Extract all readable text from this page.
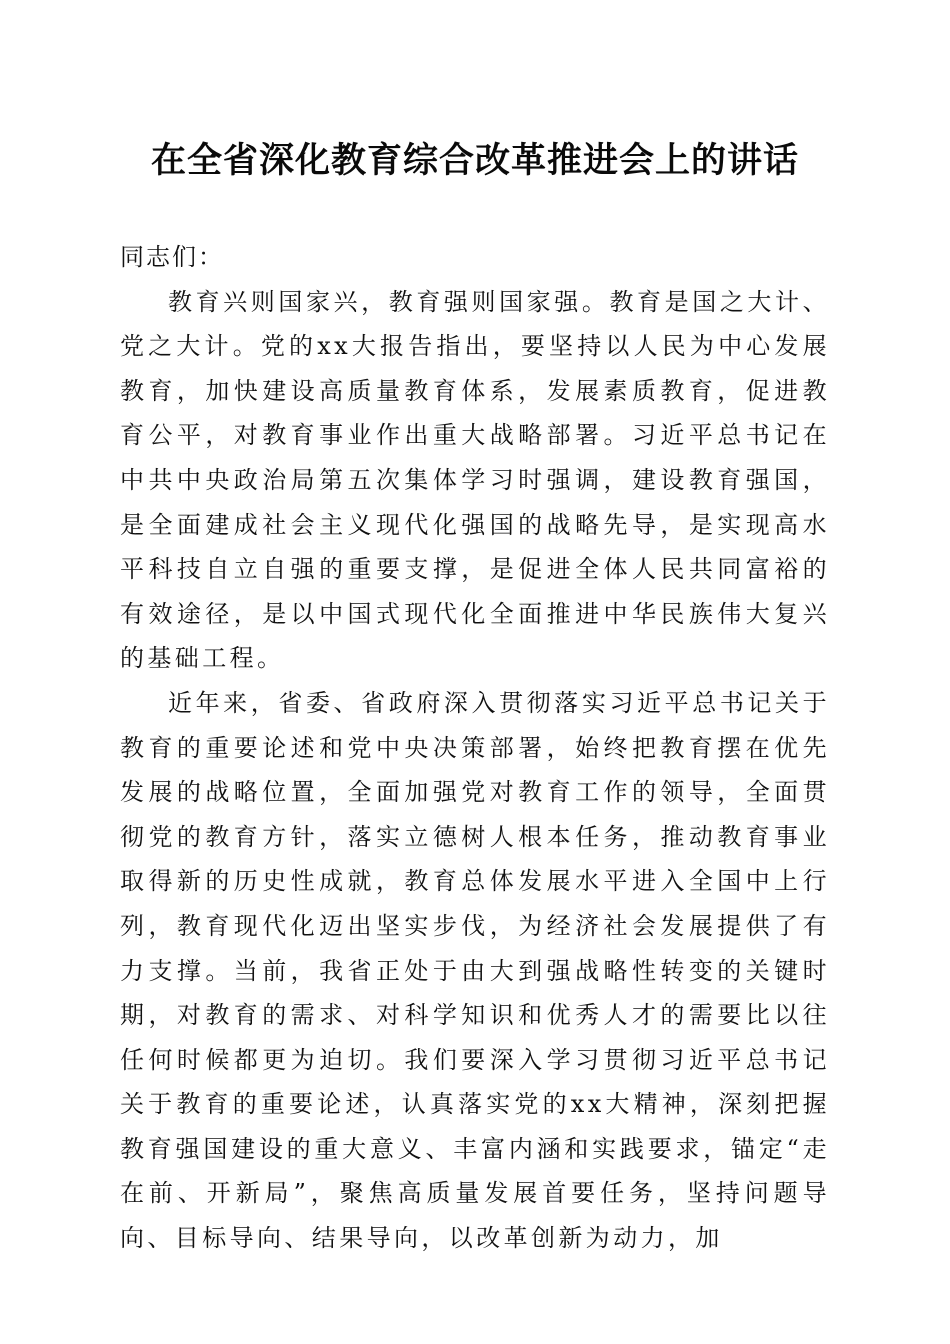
在全省深化教育综合改革推进会上的讲话

同志们：

教育兴则国家兴，教育强则国家强。教育是国之大计、党之大计。党的xx大报告指出，要坚持以人民为中心发展教育，加快建设高质量教育体系，发展素质教育，促进教育公平，对教育事业作出重大战略部署。习近平总书记在中共中央政治局第五次集体学习时强调，建设教育强国，是全面建成社会主义现代化强国的战略先导，是实现高水平科技自立自强的重要支撑，是促进全体人民共同富裕的有效途径，是以中国式现代化全面推进中华民族伟大复兴的基础工程。

近年来，省委、省政府深入贯彻落实习近平总书记关于教育的重要论述和党中央决策部署，始终把教育摆在优先发展的战略位置，全面加强党对教育工作的领导，全面贯彻党的教育方针，落实立德树人根本任务，推动教育事业取得新的历史性成就，教育总体发展水平进入全国中上行列，教育现代化迈出坚实步伐，为经济社会发展提供了有力支撑。当前，我省正处于由大到强战略性转变的关键时期，对教育的需求、对科学知识和优秀人才的需要比以往任何时候都更为迫切。我们要深入学习贯彻习近平总书记关于教育的重要论述，认真落实党的xx大精神，深刻把握教育强国建设的重大意义、丰富内涵和实践要求，锚定“走在前、开新局”，聚焦高质量发展首要任务，坚持问题导向、目标导向、结果导向，以改革创新为动力，加
